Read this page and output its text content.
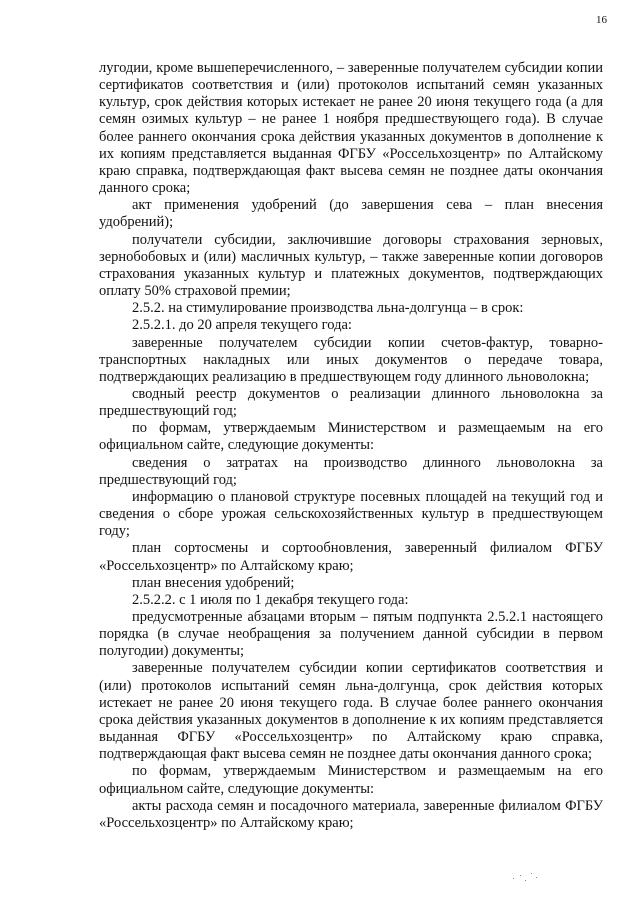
16

лугодии, кроме вышеперечисленного, – заверенные получателем субсидии копии сертификатов соответствия и (или) протоколов испытаний семян указанных культур, срок действия которых истекает не ранее 20 июня текущего года (а для семян озимых культур – не ранее 1 ноября предшествующего года). В случае более раннего окончания срока действия указанных документов в дополнение к их копиям представляется выданная ФГБУ «Россельхозцентр» по Алтайскому краю справка, подтверждающая факт высева семян не позднее даты окончания данного срока;

акт применения удобрений (до завершения сева – план внесения удобрений);

получатели субсидии, заключившие договоры страхования зерновых, зернобобовых и (или) масличных культур, – также заверенные копии договоров страхования указанных культур и платежных документов, подтверждающих оплату 50% страховой премии;

2.5.2. на стимулирование производства льна-долгунца – в срок:

2.5.2.1. до 20 апреля текущего года:

заверенные получателем субсидии копии счетов-фактур, товарно-транспортных накладных или иных документов о передаче товара, подтверждающих реализацию в предшествующем году длинного льноволокна;

сводный реестр документов о реализации длинного льноволокна за предшествующий год;

по формам, утверждаемым Министерством и размещаемым на его официальном сайте, следующие документы:

сведения о затратах на производство длинного льноволокна за предшествующий год;

информацию о плановой структуре посевных площадей на текущий год и сведения о сборе урожая сельскохозяйственных культур в предшествующем году;

план сортосмены и сортообновления, заверенный филиалом ФГБУ «Россельхозцентр» по Алтайскому краю;

план внесения удобрений;

2.5.2.2. с 1 июля по 1 декабря текущего года:

предусмотренные абзацами вторым – пятым подпункта 2.5.2.1 настоящего порядка (в случае необращения за получением данной субсидии в первом полугодии) документы;

заверенные получателем субсидии копии сертификатов соответствия и (или) протоколов испытаний семян льна-долгунца, срок действия которых истекает не ранее 20 июня текущего года. В случае более раннего окончания срока действия указанных документов в дополнение к их копиям представляется выданная ФГБУ «Россельхозцентр» по Алтайскому краю справка, подтверждающая факт высева семян не позднее даты окончания данного срока;

по формам, утверждаемым Министерством и размещаемым на его официальном сайте, следующие документы:

акты расхода семян и посадочного материала, заверенные филиалом ФГБУ «Россельхозцентр» по Алтайскому краю;
